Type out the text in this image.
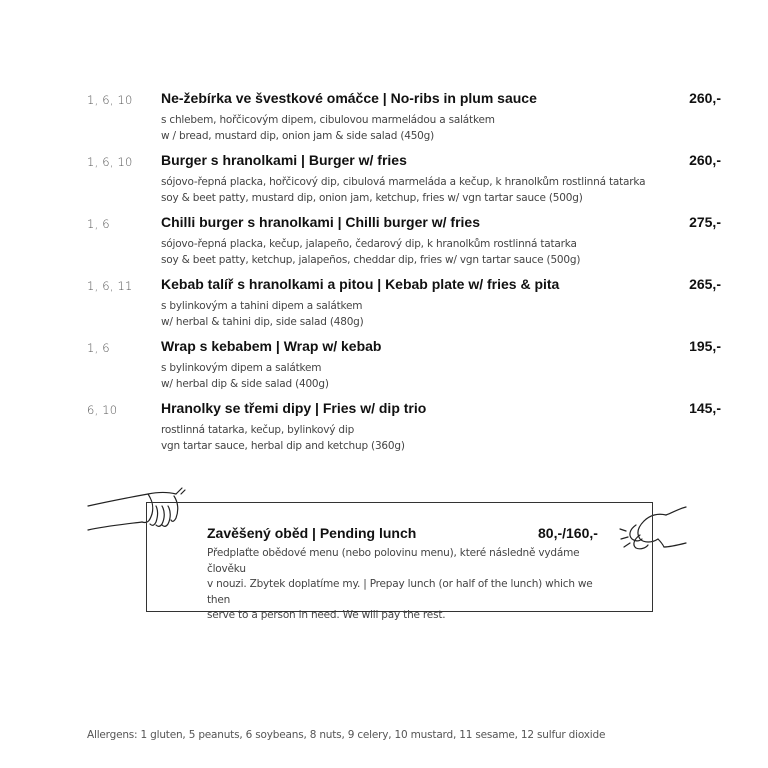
1, 6, 10 Ne-žebírka ve švestkové omáčce | No-ribs in plum sauce	260,-
s chlebem, hořčicovým dipem, cibulovou marmeládou a salátkem
w / bread, mustard dip, onion jam & side salad (450g)
1, 6, 10 Burger s hranolkami | Burger w/ fries	260,-
sójovo-řepná placka, hořčicový dip, cibulová marmeláda a kečup, k hranolkům rostlinná tatarka
soy & beet patty, mustard dip, onion jam, ketchup, fries w/ vgn tartar sauce (500g)
1, 6	Chilli burger s hranolkami | Chilli burger w/ fries	275,-
sójovo-řepná placka, kečup, jalapeño, čedarový dip, k hranolkům rostlinná tatarka
soy & beet patty, ketchup, jalapeños, cheddar dip, fries w/ vgn tartar sauce (500g)
1, 6, 11 Kebab talíř s hranolkami a pitou | Kebab plate w/ fries & pita	265,-
s bylinkovým a tahini dipem a salátkem
w/ herbal & tahini dip, side salad (480g)
1, 6	Wrap s kebabem | Wrap w/ kebab	195,-
s bylinkovým dipem a salátkem
w/ herbal dip & side salad (400g)
6, 10	Hranolky se třemi dipy | Fries w/ dip trio	145,-
rostlinná tatarka, kečup, bylinkový dip
vgn tartar sauce, herbal dip and ketchup (360g)
Zavěšený oběd | Pending lunch	80,-/160,-
Předplaťte obědové menu (nebo polovinu menu), které následně vydáme člověku
v nouzi. Zbytek doplatíme my. | Prepay lunch (or half of the lunch) which we then
serve to a person in need. We will pay the rest.
Allergens: 1 gluten, 5 peanuts, 6 soybeans, 8 nuts, 9 celery, 10 mustard, 11 sesame, 12 sulfur dioxide
